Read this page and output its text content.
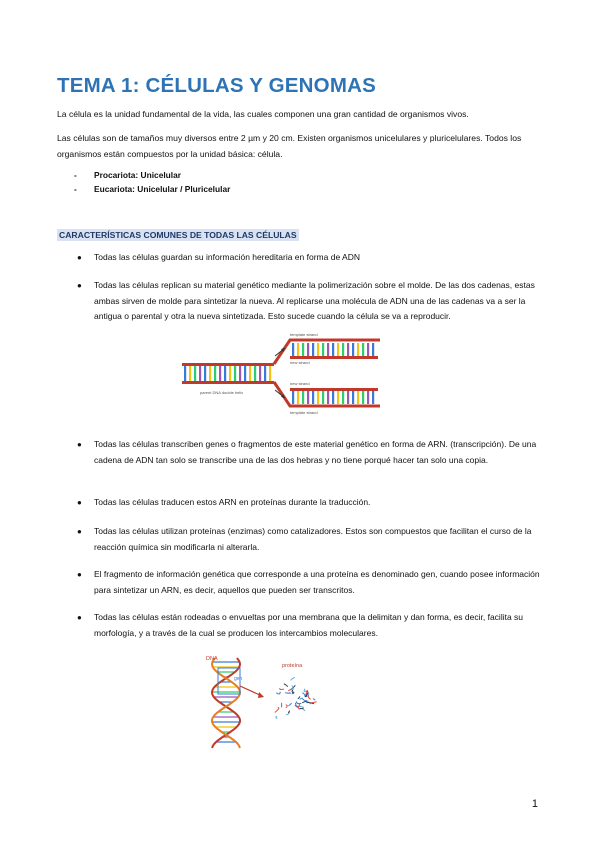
TEMA 1: CÉLULAS Y GENOMAS
La célula es la unidad fundamental de la vida, las cuales componen una gran cantidad de organismos vivos.
Las células son de tamaños muy diversos entre 2 µm y 20 cm. Existen organismos unicelulares y pluricelulares. Todos los organismos están compuestos por la unidad básica: célula.
- Procariota: Unicelular
- Eucariota: Unicelular / Pluricelular
CARACTERÍSTICAS COMUNES DE TODAS LAS CÉLULAS
● Todas las células guardan su información hereditaria en forma de ADN
● Todas las células replican su material genético mediante la polimerización sobre el molde. De las dos cadenas, estas ambas sirven de molde para sintetizar la nueva. Al replicarse una molécula de ADN una de las cadenas va a ser la antigua o parental y otra la nueva sintetizada. Esto sucede cuando la célula se va a reproducir.
template strand
new strand
new strand
template strand
parent DNA double helix
● Todas las células transcriben genes o fragmentos de este material genético en forma de ARN. (transcripción). De una cadena de ADN tan solo se transcribe una de las dos hebras y no tiene porqué hacer tan solo una copia.
● Todas las células traducen estos ARN en proteínas durante la traducción.
● Todas las células utilizan proteínas (enzimas) como catalizadores. Estos son compuestos que facilitan el curso de la reacción química sin modificarla ni alterarla.
● El fragmento de información genética que corresponde a una proteína es denominado gen, cuando posee información para sintetizar un ARN, es decir, aquellos que pueden ser transcritos.
● Todas las células están rodeadas o envueltas por una membrana que la delimitan y dan forma, es decir, facilita su morfología, y a través de la cual se producen los intercambios moleculares.
DNA
gen
proteína
1
